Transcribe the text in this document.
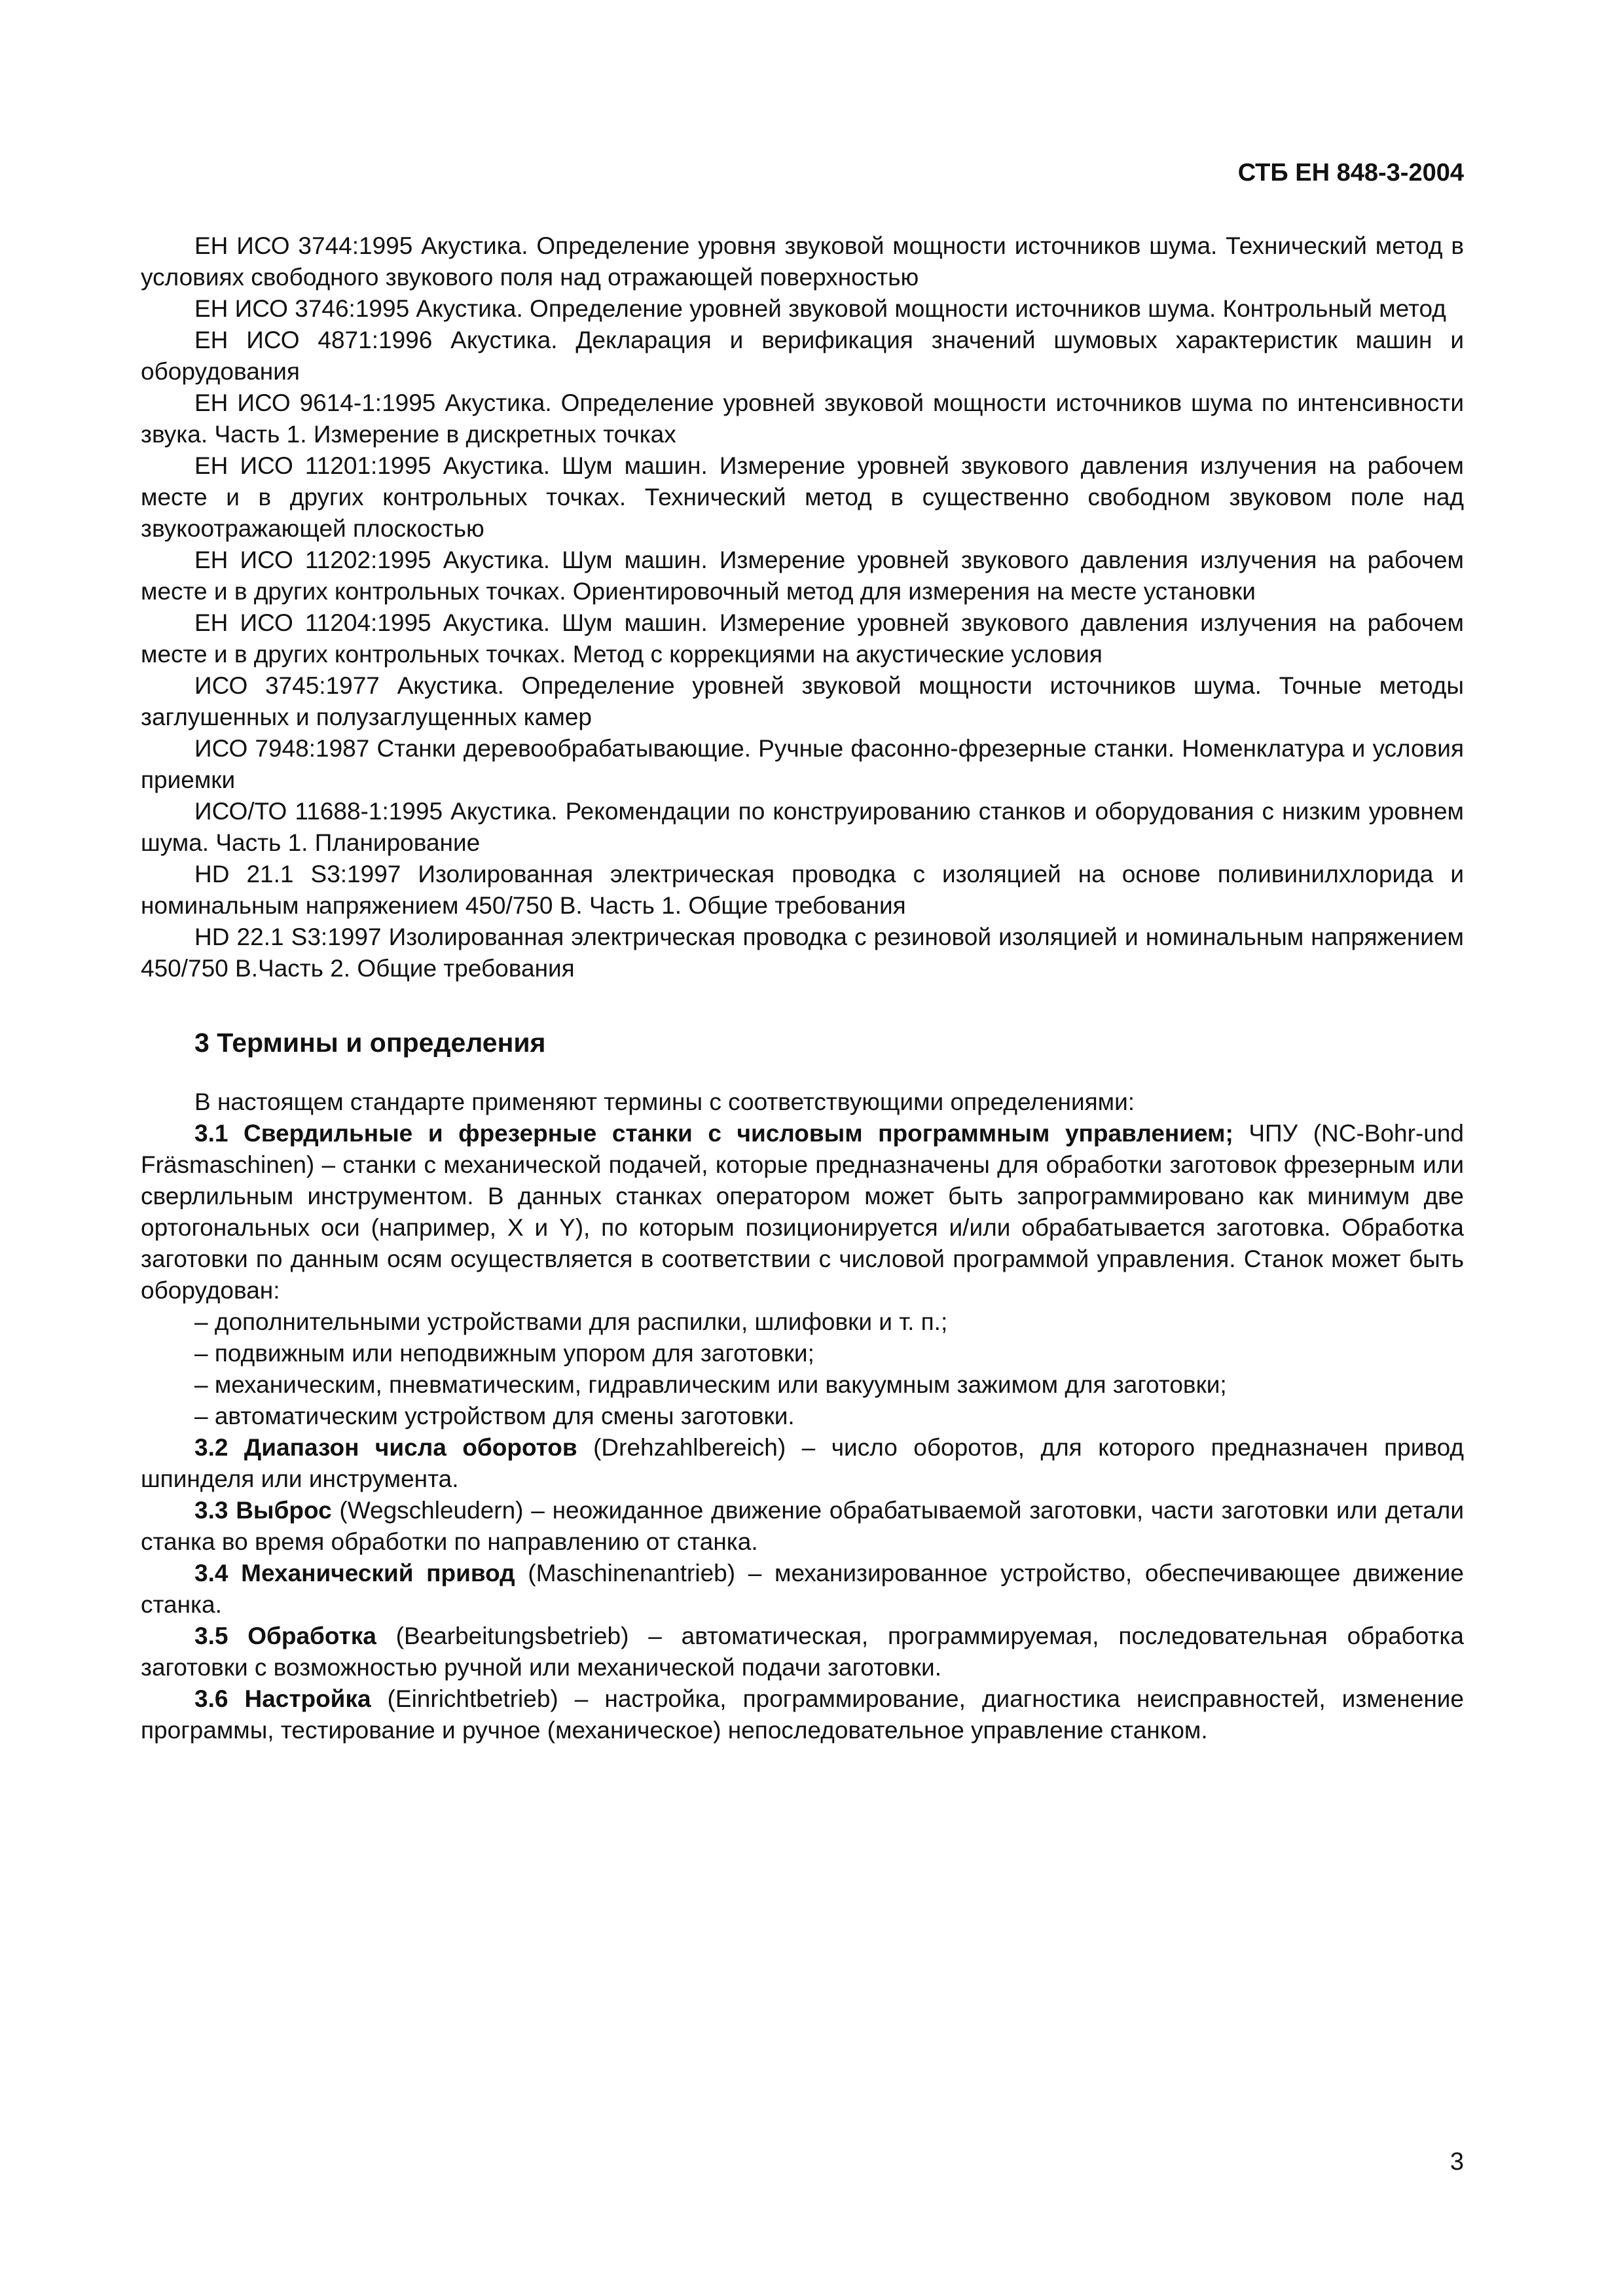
СТБ ЕН 848-3-2004

ЕН ИСО 3744:1995 Акустика. Определение уровня звуковой мощности источников шума. Технический метод в условиях свободного звукового поля над отражающей поверхностью

ЕН ИСО 3746:1995 Акустика. Определение уровней звуковой мощности источников шума. Контрольный метод

ЕН ИСО 4871:1996 Акустика. Декларация и верификация значений шумовых характеристик машин и оборудования

ЕН ИСО 9614-1:1995 Акустика. Определение уровней звуковой мощности источников шума по интенсивности звука. Часть 1. Измерение в дискретных точках

ЕН ИСО 11201:1995 Акустика. Шум машин. Измерение уровней звукового давления излучения на рабочем месте и в других контрольных точках. Технический метод в существенно свободном звуковом поле над звукоотражающей плоскостью

ЕН ИСО 11202:1995 Акустика. Шум машин. Измерение уровней звукового давления излучения на рабочем месте и в других контрольных точках. Ориентировочный метод для измерения на месте установки

ЕН ИСО 11204:1995 Акустика. Шум машин. Измерение уровней звукового давления излучения на рабочем месте и в других контрольных точках. Метод с коррекциями на акустические условия

ИСО 3745:1977 Акустика. Определение уровней звуковой мощности источников шума. Точные методы заглушенных и полузаглущенных камер

ИСО 7948:1987 Станки деревообрабатывающие. Ручные фасонно-фрезерные станки. Номенклатура и условия приемки

ИСО/ТО 11688-1:1995 Акустика. Рекомендации по конструированию станков и оборудования с низким уровнем шума. Часть 1. Планирование

HD 21.1 S3:1997 Изолированная электрическая проводка с изоляцией на основе поливинилхлорида и номинальным напряжением 450/750 В. Часть 1. Общие требования

HD 22.1 S3:1997 Изолированная электрическая проводка с резиновой изоляцией и номинальным напряжением 450/750 В.Часть 2. Общие требования

3 Термины и определения

В настоящем стандарте применяют термины с соответствующими определениями:

3.1 Свердильные и фрезерные станки с числовым программным управлением; ЧПУ (NC-Bohr-und Fräsmaschinen) – станки с механической подачей, которые предназначены для обработки заготовок фрезерным или сверлильным инструментом. В данных станках оператором может быть запрограммировано как минимум две ортогональных оси (например, X и Y), по которым позиционируется и/или обрабатывается заготовка. Обработка заготовки по данным осям осуществляется в соответствии с числовой программой управления. Станок может быть оборудован:

– дополнительными устройствами для распилки, шлифовки и т. п.;

– подвижным или неподвижным упором для заготовки;

– механическим, пневматическим, гидравлическим или вакуумным зажимом для заготовки;

– автоматическим устройством для смены заготовки.

3.2 Диапазон числа оборотов (Drehzahlbereich) – число оборотов, для которого предназначен привод шпинделя или инструмента.

3.3 Выброс (Wegschleudern) – неожиданное движение обрабатываемой заготовки, части заготовки или детали станка во время обработки по направлению от станка.

3.4 Механический привод (Maschinenantrieb) – механизированное устройство, обеспечивающее движение станка.

3.5 Обработка (Bearbeitungsbetrieb) – автоматическая, программируемая, последовательная обработка заготовки с возможностью ручной или механической подачи заготовки.

3.6 Настройка (Einrichtbetrieb) – настройка, программирование, диагностика неисправностей, изменение программы, тестирование и ручное (механическое) непоследовательное управление станком.

3
